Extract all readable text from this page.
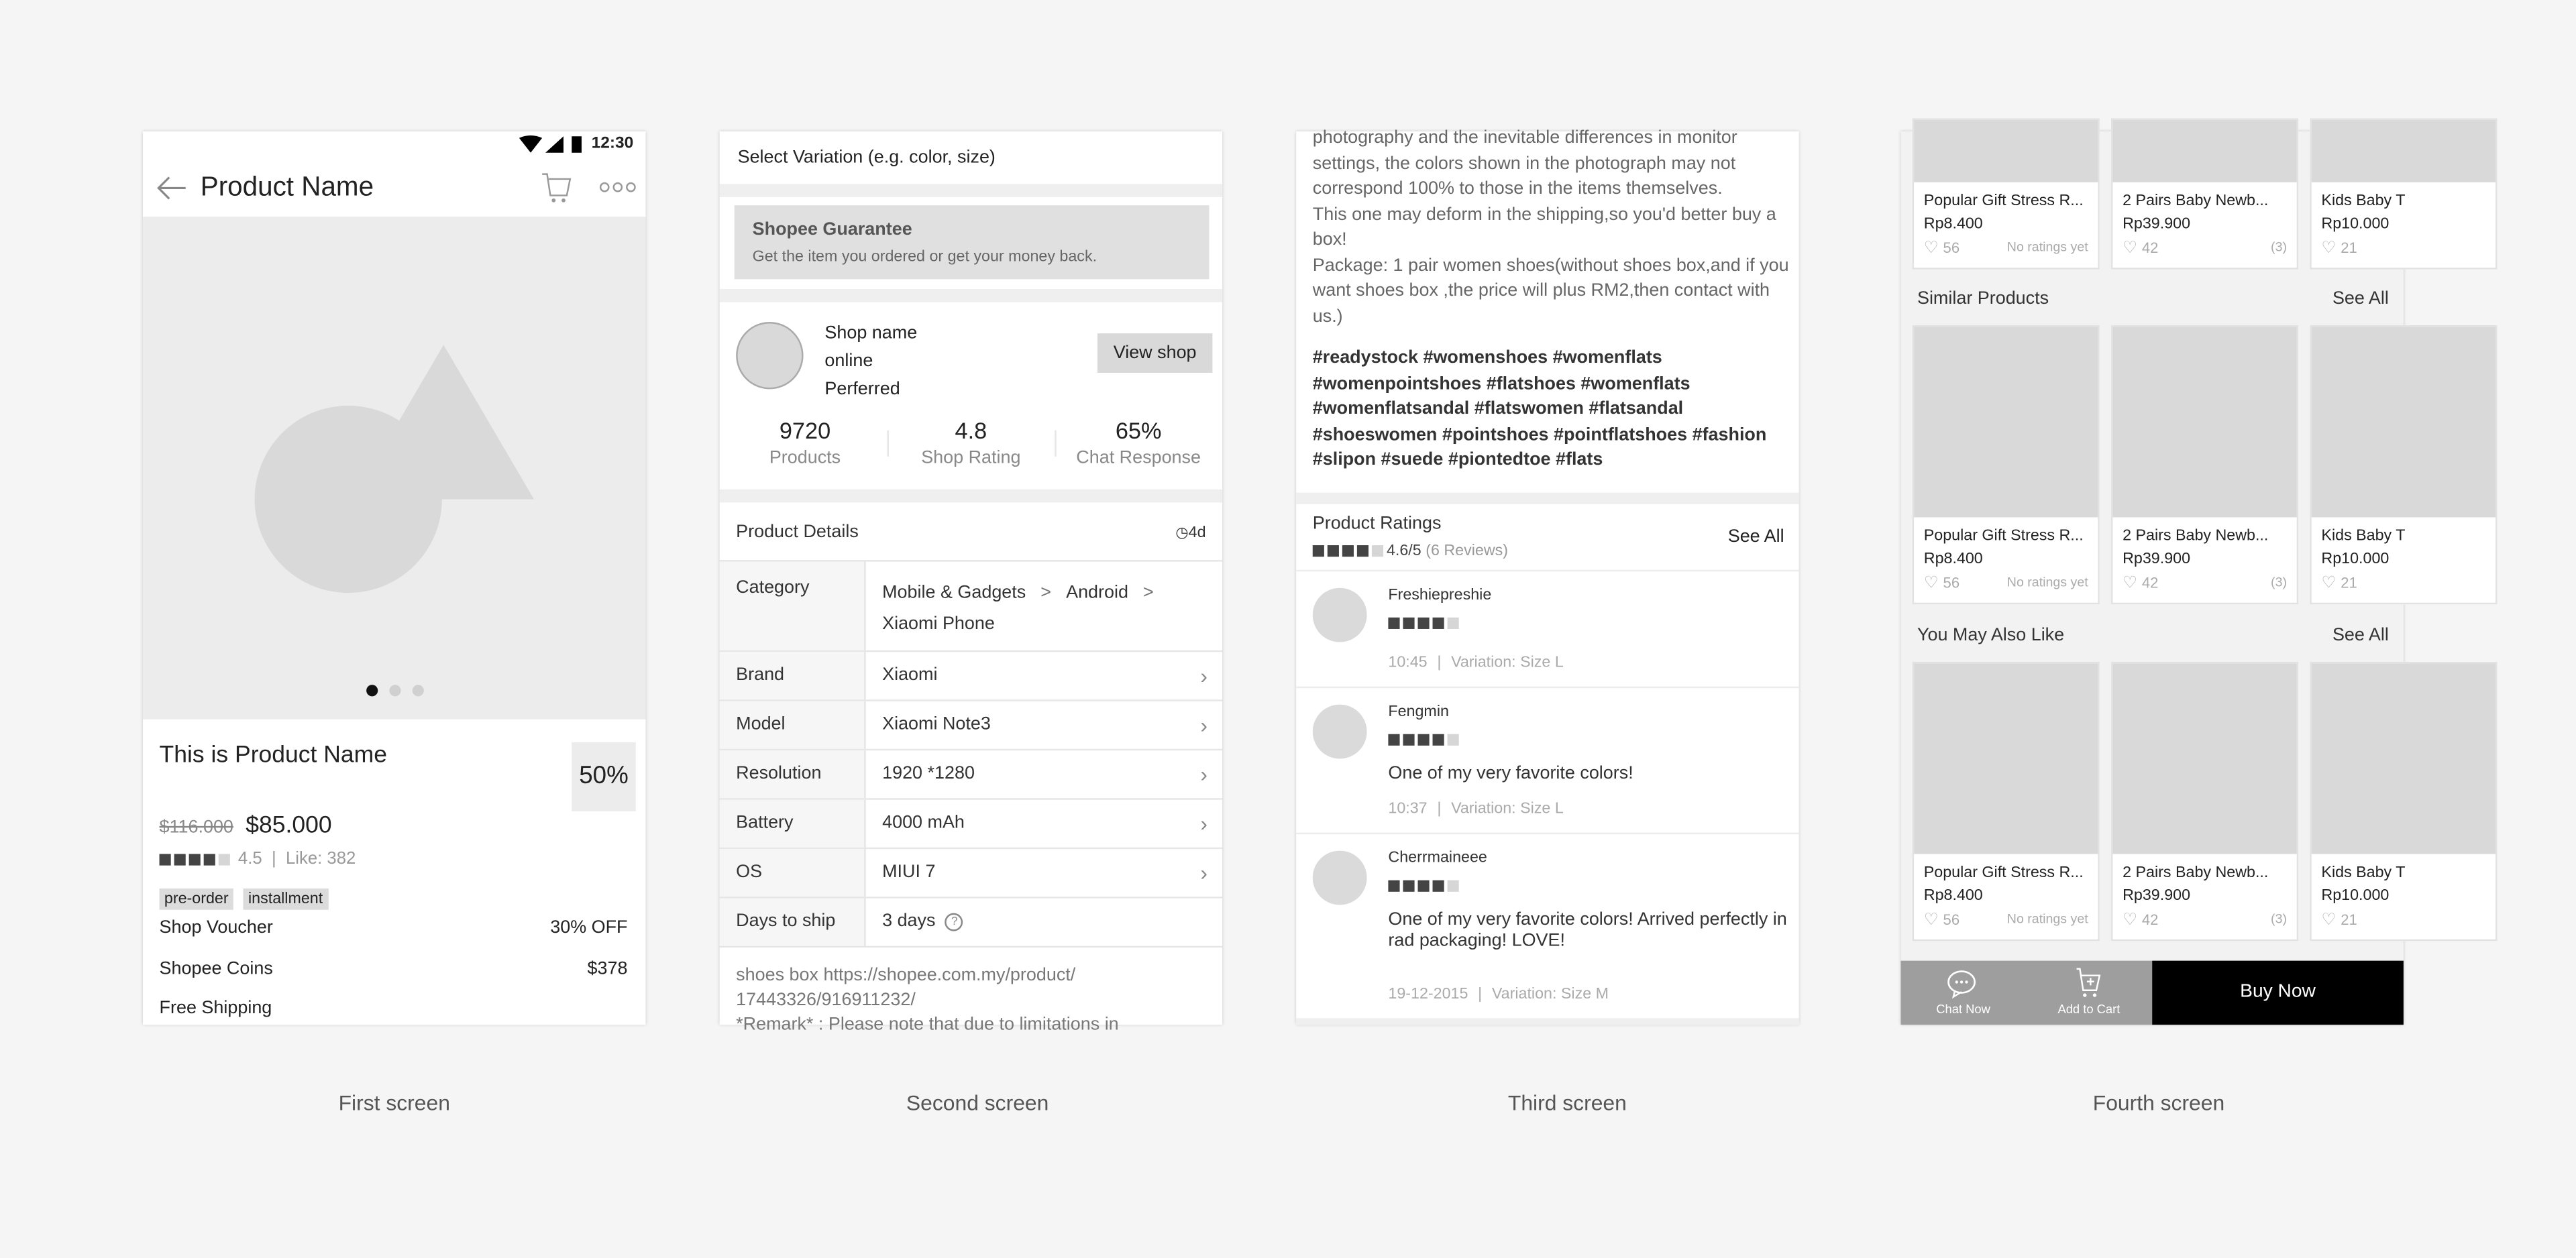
12:30
Product Name
This is Product Name
50%
$116.000 $85.000
4.5  |  Like: 382
pre-order	installment
Shop Voucher	30% OFF
Shopee Coins	$378
Free Shipping
Select Variation (e.g. color, size)
Shopee Guarantee
Get the item you ordered or get your money back.
Shop name
online
Perferred
View shop
9720
Products
4.8
Shop Rating
65%
Chat Response
Product Details	◷4d
Category	Mobile & Gadgets > Android >
Xiaomi Phone
Brand	Xiaomi	›
Model	Xiaomi Note3	›
Resolution	1920 *1280	›
Battery	4000 mAh	›
OS	MIUI 7	›
Days to ship	3 days	?
shoes box https://shopee.com.my/product/
17443326/916911232/
*Remark* : Please note that due to limitations in
photography and the inevitable differences in monitor settings, the colors shown in the photograph may not correspond 100% to those in the items themselves.
This one may deform in the shipping,so you'd better buy a box!
Package: 1 pair women shoes(without shoes box,and if you want shoes box ,the price will plus RM2,then contact with us.)
#readystock #womenshoes #womenflats #womenpointshoes #flatshoes #womenflats #womenflatsandal #flatswomen #flatsandal #shoeswomen #pointshoes #pointflatshoes #fashion #slipon #suede #piontedtoe #flats
Product Ratings
4.6/5 (6 Reviews)
See All
Freshiepreshie
10:45 | Variation: Size L
Fengmin
One of my very favorite colors!
10:37 | Variation: Size L
Cherrmaineee
One of my very favorite colors! Arrived perfectly in rad packaging! LOVE!
19-12-2015 | Variation: Size M
Popular Gift Stress R...
Rp8.400
♡ 56	No ratings yet
2 Pairs Baby Newb...
Rp39.900
♡ 42	(3)
Kids Baby T
Rp10.000
♡ 21
Popular Gift Stress R...
Rp8.400
♡ 56	No ratings yet
2 Pairs Baby Newb...
Rp39.900
♡ 42	(3)
Kids Baby T
Rp10.000
♡ 21
Popular Gift Stress R...
Rp8.400
♡ 56	No ratings yet
2 Pairs Baby Newb...
Rp39.900
♡ 42	(3)
Kids Baby T
Rp10.000
♡ 21
Similar Products	See All
You May Also Like	See All
Chat Now	Add to Cart
Buy Now
First screen	Second screen	Third screen	Fourth screen
